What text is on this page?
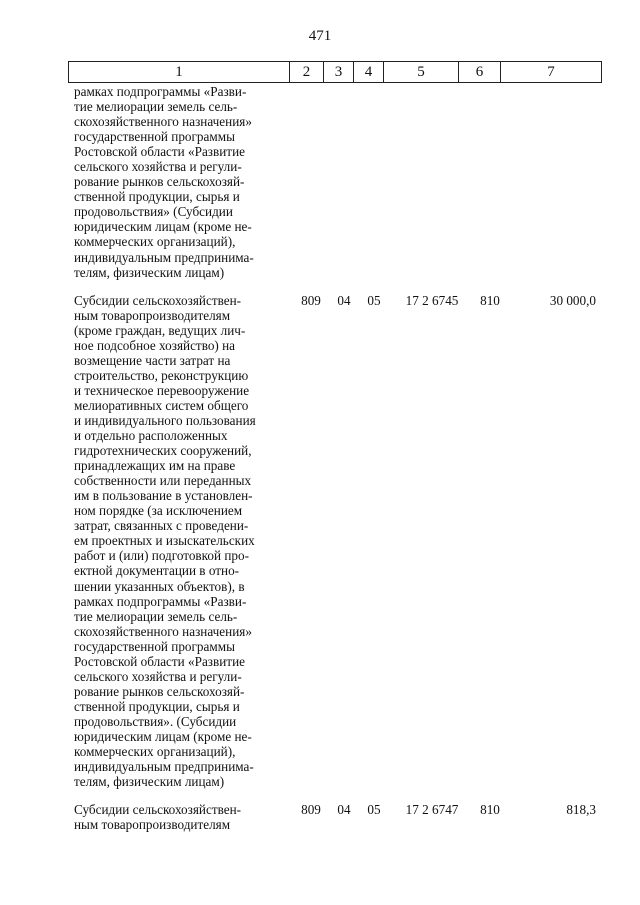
471
1	2	3	4	5	6	7
рамках подпрограммы «Разви-
тие мелиорации земель сель-
скохозяйственного назначения»
государственной программы
Ростовской области «Развитие
сельского хозяйства и регули-
рование рынков сельскохозяй-
ственной продукции, сырья и
продовольствия» (Субсидии
юридическим лицам (кроме не-
коммерческих организаций),
индивидуальным предпринима-
телям, физическим лицам)
Субсидии сельскохозяйствен-
ным товаропроизводителям
(кроме граждан, ведущих лич-
ное подсобное хозяйство) на
возмещение части затрат на
строительство, реконструкцию
и техническое перевооружение
мелиоративных систем общего
и индивидуального пользования
и отдельно расположенных
гидротехнических сооружений,
принадлежащих им на праве
собственности или переданных
им в пользование в установлен-
ном порядке (за исключением
затрат, связанных с проведени-
ем проектных и изыскательских
работ и (или) подготовкой про-
ектной документации в отно-
шении указанных объектов), в
рамках подпрограммы «Разви-
тие мелиорации земель сель-
скохозяйственного назначения»
государственной программы
Ростовской области «Развитие
сельского хозяйства и регули-
рование рынков сельскохозяй-
ственной продукции, сырья и
продовольствия». (Субсидии
юридическим лицам (кроме не-
коммерческих организаций),
индивидуальным предпринима-
телям, физическим лицам)
809	04 05	17 2 6745	810	30 000,0
Субсидии сельскохозяйствен-
ным товаропроизводителям
809	04 05	17 2 6747	810	818,3
